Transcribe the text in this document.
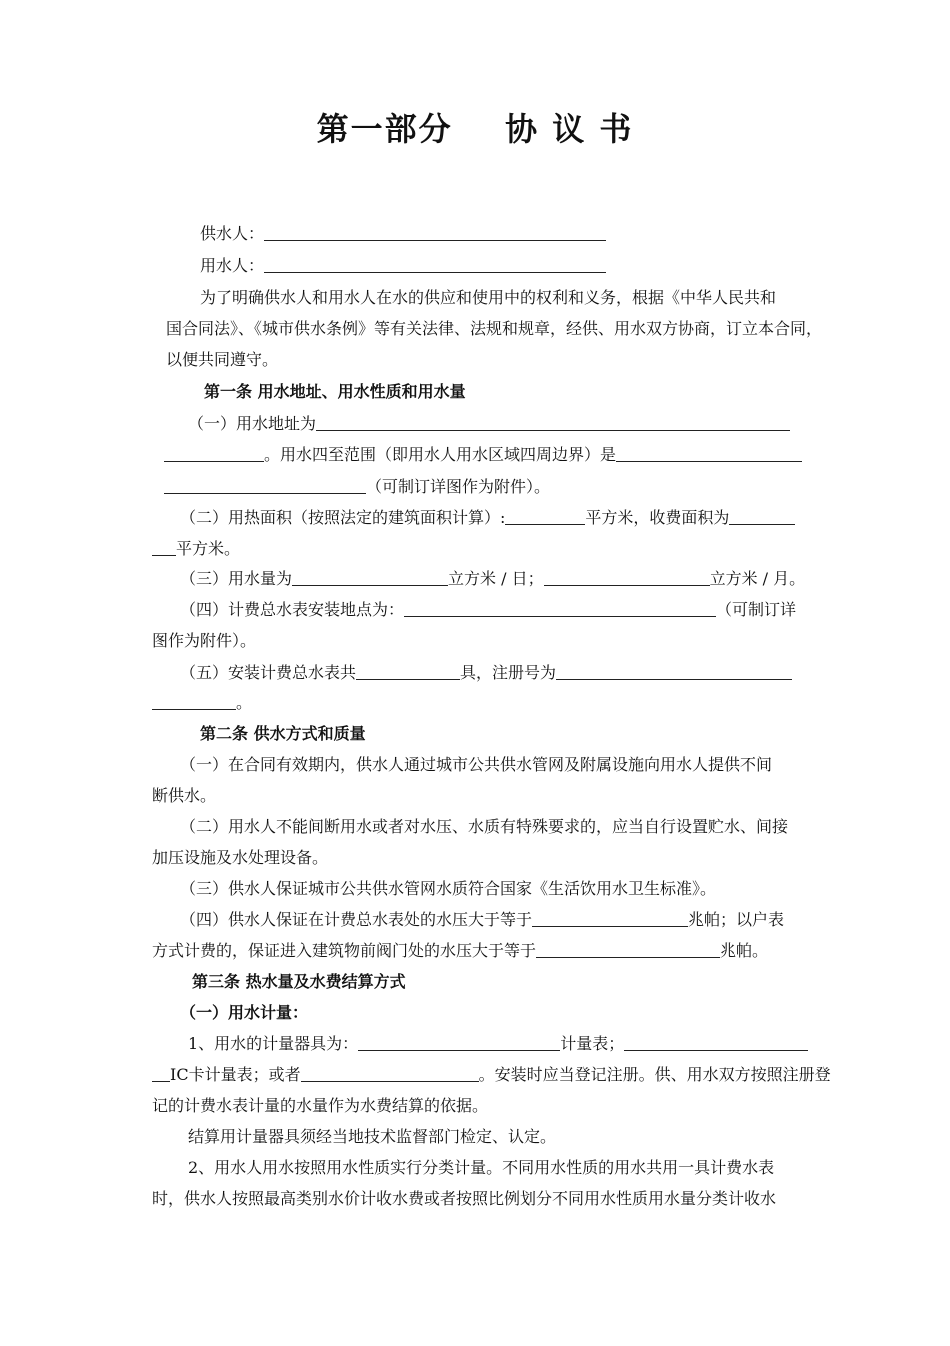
第一部分    协 议 书
供水人：
用水人：
为了明确供水人和用水人在水的供应和使用中的权利和义务，根据《中华人民共和
国合同法》、《城市供水条例》等有关法律、法规和规章，经供、用水双方协商，订立本合同，
以便共同遵守。
第一条 用水地址、用水性质和用水量
（一）用水地址为
。用水四至范围（即用水人用水区域四周边界）是
（可制订详图作为附件）。
（二）用热面积（按照法定的建筑面积计算）:	平方米，收费面积为
平方米。
（三）用水量为	立方米 / 日；	立方米 / 月。
（四）计费总水表安装地点为：	（可制订详
图作为附件）。
（五）安装计费总水表共	具，注册号为
。
第二条 供水方式和质量
（一）在合同有效期内，供水人通过城市公共供水管网及附属设施向用水人提供不间
断供水。
（二）用水人不能间断用水或者对水压、水质有特殊要求的，应当自行设置贮水、间接
加压设施及水处理设备。
（三）供水人保证城市公共供水管网水质符合国家《生活饮用水卫生标准》。
（四）供水人保证在计费总水表处的水压大于等于	兆帕；以户表
方式计费的，保证进入建筑物前阀门处的水压大于等于	兆帕。
第三条 热水量及水费结算方式
（一）用水计量：
1、用水的计量器具为：	计量表；
IC卡计量表；或者	。安装时应当登记注册。供、用水双方按照注册登
记的计费水表计量的水量作为水费结算的依据。
结算用计量器具须经当地技术监督部门检定、认定。
2、用水人用水按照用水性质实行分类计量。不同用水性质的用水共用一具计费水表
时，供水人按照最高类别水价计收水费或者按照比例划分不同用水性质用水量分类计收水
